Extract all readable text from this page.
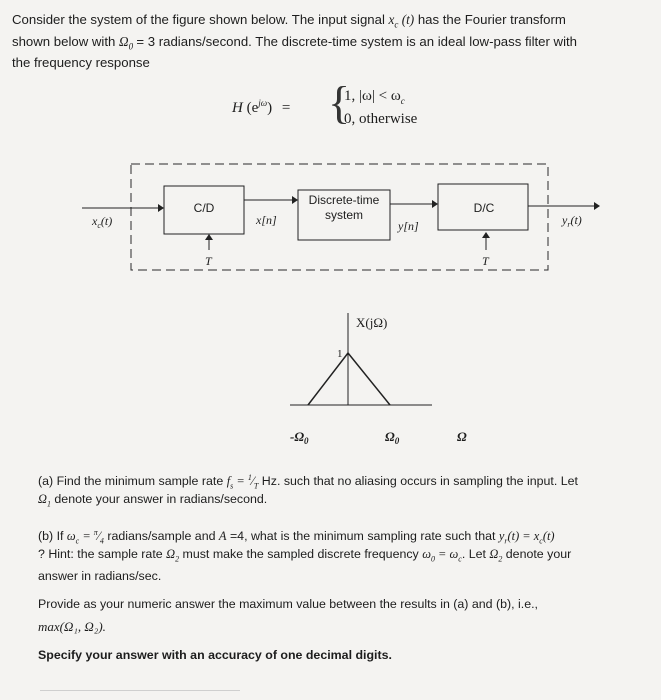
Consider the system of the figure shown below. The input signal $x_c$ (t) has the Fourier transform

shown below with $\Omega_0 = 3$ radians/second. The discrete-time system is an ideal low-pass filter with

the frequency response

H $(e^{j\omega})$ = {
1, $|\omega| < \omega_c$
0, otherwise
$x_c(t)$
C/D
x[n]
Discrete-time
system
y[n]
D/C
$y_r(t)$
T	T
X(jΩ)
1
$-\Omega_0$	$\Omega_0$	Ω

(a) Find the minimum sample rate $f_s$ = $^1⁄_T$ Hz. such that no aliasing occurs in sampling the input. Let

$\Omega_1$ denote your answer in radians/second.

(b) If $\omega_c$ = $^\pi⁄_4$ radians/sample and A =4, what is the minimum sampling rate such that $y_r(t) = x_c(t)$

? Hint: the sample rate $\Omega_2$ must make the sampled discrete frequency $\omega_0 = \omega_c$. Let $\Omega_2$ denote your

answer in radians/sec.

Provide as your numeric answer the maximum value between the results in (a) and (b), i.e.,

max(Ω₁, Ω₂).

Specify your answer with an accuracy of one decimal digits.
